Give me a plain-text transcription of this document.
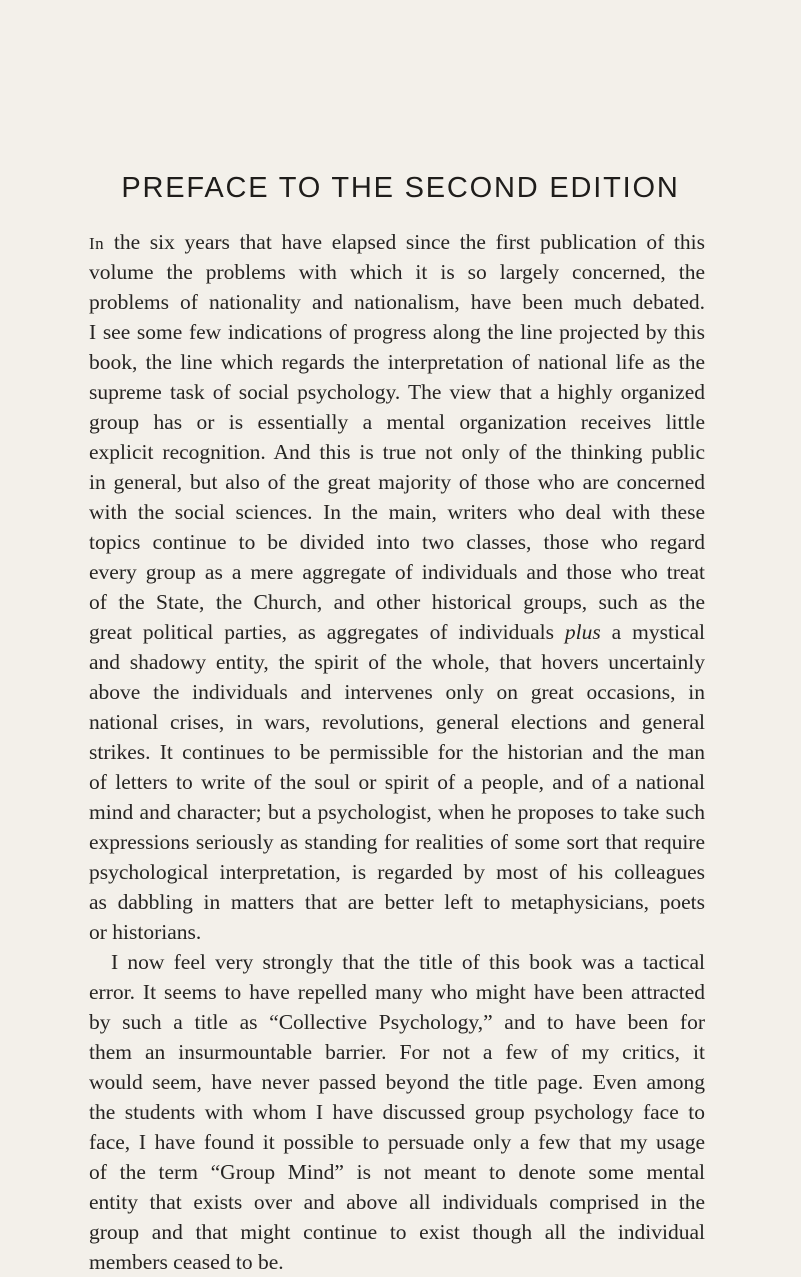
PREFACE TO THE SECOND EDITION
In the six years that have elapsed since the first publication of this
volume the problems with which it is so largely concerned, the
problems of nationality and nationalism, have been much debated.
I see some few indications of progress along the line projected by this
book, the line which regards the interpretation of national life as the
supreme task of social psychology. The view that a highly organized
group has or is essentially a mental organization receives little
explicit recognition. And this is true not only of the thinking public
in general, but also of the great majority of those who are concerned
with the social sciences. In the main, writers who deal with these
topics continue to be divided into two classes, those who regard
every group as a mere aggregate of individuals and those who treat
of the State, the Church, and other historical groups, such as the
great political parties, as aggregates of individuals plus a mystical
and shadowy entity, the spirit of the whole, that hovers uncertainly
above the individuals and intervenes only on great occasions, in
national crises, in wars, revolutions, general elections and general
strikes. It continues to be permissible for the historian and the man
of letters to write of the soul or spirit of a people, and of a national
mind and character; but a psychologist, when he proposes to take such
expressions seriously as standing for realities of some sort that require
psychological interpretation, is regarded by most of his colleagues
as dabbling in matters that are better left to metaphysicians, poets
or historians.
I now feel very strongly that the title of this book was a tactical
error. It seems to have repelled many who might have been attracted
by such a title as “Collective Psychology,” and to have been for
them an insurmountable barrier. For not a few of my critics, it
would seem, have never passed beyond the title page. Even among
the students with whom I have discussed group psychology face to
face, I have found it possible to persuade only a few that my usage
of the term “Group Mind” is not meant to denote some mental
entity that exists over and above all individuals comprised in the
group and that might continue to exist though all the individual
members ceased to be.
